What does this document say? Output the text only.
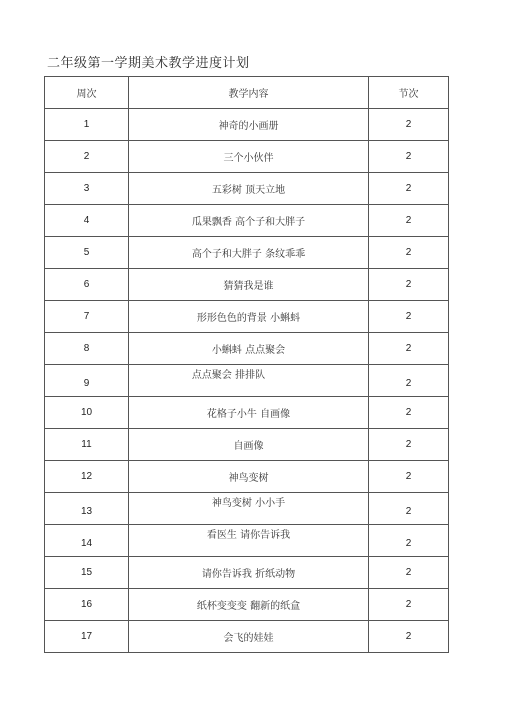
二年级第一学期美术教学进度计划
周次	教学内容	节次
1	神奇的小画册	2
2	三个小伙伴	2
3	五彩树 顶天立地	2
4	瓜果飘香 高个子和大胖子	2
5	高个子和大胖子 条纹乖乖	2
6	猜猜我是谁	2
7	形形色色的背景 小蝌蚪	2
8	小蝌蚪 点点聚会	2
9	点点聚会 排排队	2
10	花格子小牛 自画像	2
11	自画像	2
12	神鸟变树	2
13	神鸟变树 小小手	2
14	看医生 请你告诉我	2
15	请你告诉我 折纸动物	2
16	纸杯变变变 翻新的纸盒	2
17	会飞的娃娃	2
